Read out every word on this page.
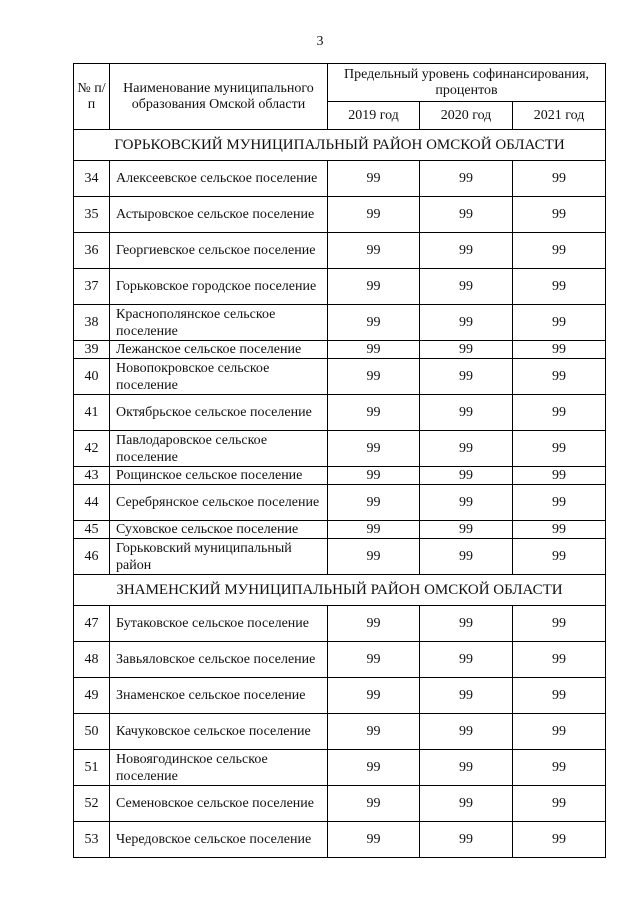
3
№ п/п	Наименование муниципального образования Омской области	Предельный уровень софинансирования, процентов		
		2019 год	2020 год	2021 год
ГОРЬКОВСКИЙ МУНИЦИПАЛЬНЫЙ РАЙОН ОМСКОЙ ОБЛАСТИ				
34	Алексеевское сельское поселение	99	99	99
35	Астыровское сельское поселение	99	99	99
36	Георгиевское сельское поселение	99	99	99
37	Горьковское городское поселение	99	99	99
38	Краснополянское сельское поселение	99	99	99
39	Лежанское сельское поселение	99	99	99
40	Новопокровское сельское поселение	99	99	99
41	Октябрьское сельское поселение	99	99	99
42	Павлодаровское сельское поселение	99	99	99
43	Рощинское сельское поселение	99	99	99
44	Серебрянское сельское поселение	99	99	99
45	Суховское сельское поселение	99	99	99
46	Горьковский муниципальный район	99	99	99
ЗНАМЕНСКИЙ МУНИЦИПАЛЬНЫЙ РАЙОН ОМСКОЙ ОБЛАСТИ				
47	Бутаковское сельское поселение	99	99	99
48	Завьяловское сельское поселение	99	99	99
49	Знаменское сельское поселение	99	99	99
50	Качуковское сельское поселение	99	99	99
51	Новоягодинское сельское поселение	99	99	99
52	Семеновское сельское поселение	99	99	99
53	Чередовское сельское поселение	99	99	99
